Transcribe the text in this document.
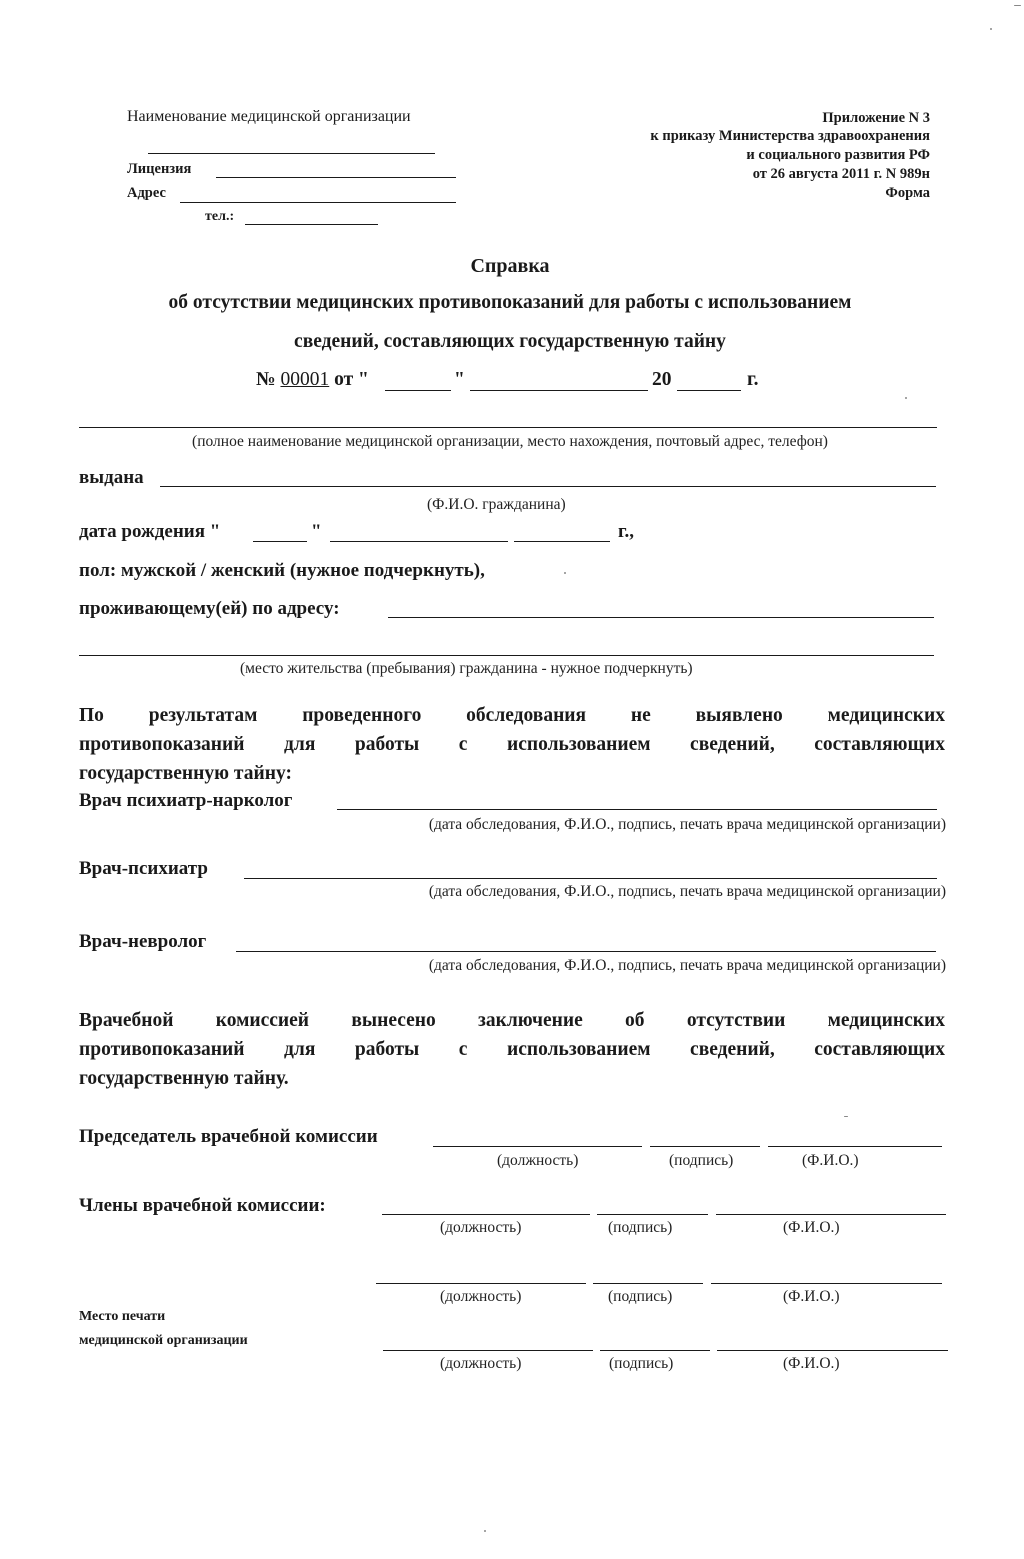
Наименование медицинской организации
Лицензия
Адрес
тел.:
Приложение N 3
к приказу Министерства здравоохранения
и социального развития РФ
от 26 августа 2011 г. N 989н
Форма
Справка
об отсутствии медицинских противопоказаний для работы с использованием
сведений, составляющих государственную тайну
№ 00001 от "	"	20	г.
(полное наименование медицинской организации, место нахождения, почтовый адрес, телефон)
выдана
(Ф.И.О. гражданина)
дата рождения "	"	г.,
пол: мужской / женский (нужное подчеркнуть),
проживающему(ей) по адресу:
(место жительства (пребывания) гражданина - нужное подчеркнуть)
По результатам проведенного обследования не выявлено медицинских
противопоказаний для работы с использованием сведений, составляющих
государственную тайну:
Врач психиатр-нарколог
(дата обследования, Ф.И.О., подпись, печать врача медицинской организации)
Врач-психиатр
(дата обследования, Ф.И.О., подпись, печать врача медицинской организации)
Врач-невролог
(дата обследования, Ф.И.О., подпись, печать врача медицинской организации)
Врачебной комиссией вынесено заключение об отсутствии медицинских
противопоказаний для работы с использованием сведений, составляющих
государственную тайну.
Председатель врачебной комиссии
(должность)	(подпись)	(Ф.И.О.)
Члены врачебной комиссии:
(должность)	(подпись)	(Ф.И.О.)
(должность)	(подпись)	(Ф.И.О.)
Место печати
медицинской организации
(должность)	(подпись)	(Ф.И.О.)
